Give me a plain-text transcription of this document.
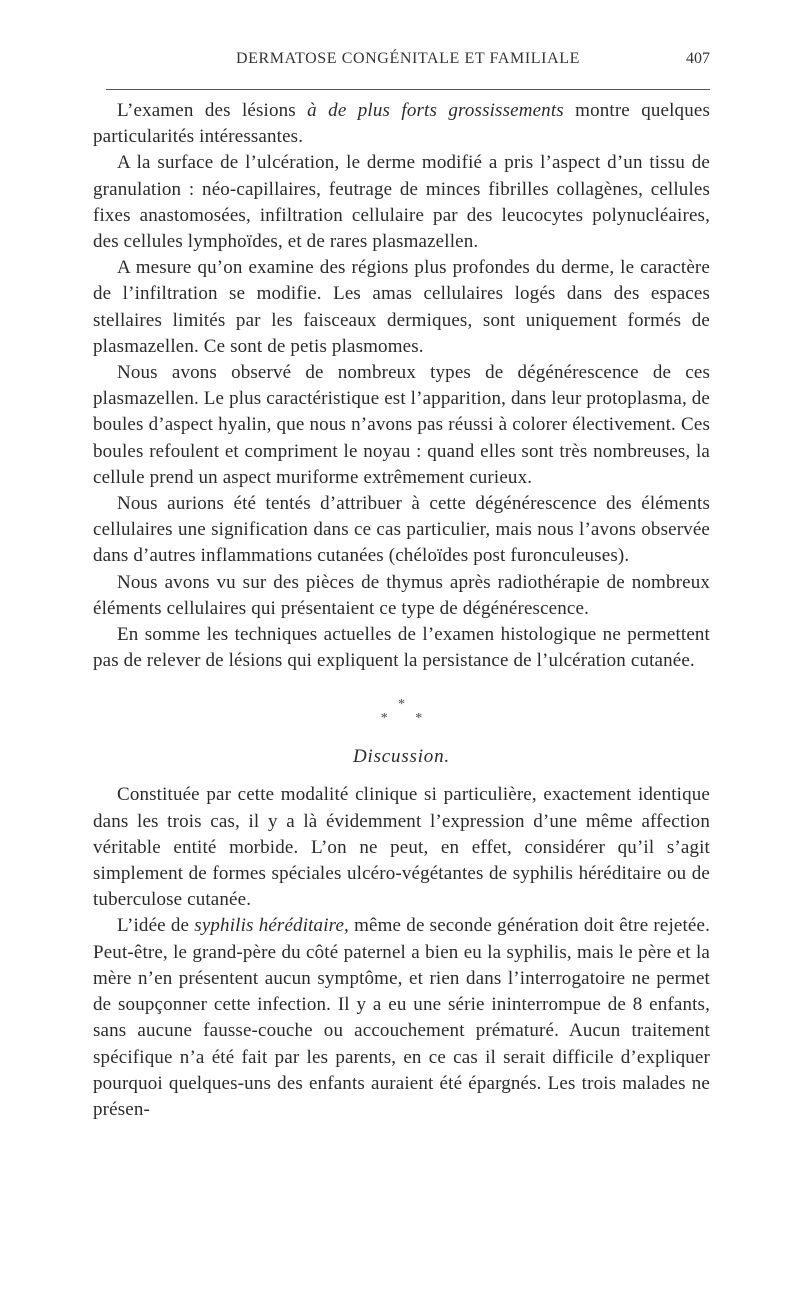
DERMATOSE CONGÉNITALE ET FAMILIALE	407

L’examen des lésions à de plus forts grossissements montre quelques particularités intéressantes.

A la surface de l’ulcération, le derme modifié a pris l’aspect d’un tissu de granulation : néo-capillaires, feutrage de minces fibrilles collagènes, cellules fixes anastomosées, infiltration cellulaire par des leucocytes polynucléaires, des cellules lymphoïdes, et de rares plasmazellen.

A mesure qu’on examine des régions plus profondes du derme, le caractère de l’infiltration se modifie. Les amas cellulaires logés dans des espaces stellaires limités par les faisceaux dermiques, sont uniquement formés de plasmazellen. Ce sont de petis plasmomes.

Nous avons observé de nombreux types de dégénérescence de ces plasmazellen. Le plus caractéristique est l’apparition, dans leur protoplasma, de boules d’aspect hyalin, que nous n’avons pas réussi à colorer électivement. Ces boules refoulent et compriment le noyau : quand elles sont très nombreuses, la cellule prend un aspect muriforme extrêmement curieux.

Nous aurions été tentés d’attribuer à cette dégénérescence des éléments cellulaires une signification dans ce cas particulier, mais nous l’avons observée dans d’autres inflammations cutanées (chéloïdes post furonculeuses).

Nous avons vu sur des pièces de thymus après radiothérapie de nombreux éléments cellulaires qui présentaient ce type de dégénérescence.

En somme les techniques actuelles de l’examen histologique ne permettent pas de relever de lésions qui expliquent la persistance de l’ulcération cutanée.

*
* *
Discussion.

Constituée par cette modalité clinique si particulière, exactement identique dans les trois cas, il y a là évidemment l’expression d’une même affection véritable entité morbide. L’on ne peut, en effet, considérer qu’il s’agit simplement de formes spéciales ulcéro-végétantes de syphilis héréditaire ou de tuberculose cutanée.

L’idée de syphilis héréditaire, même de seconde génération doit être rejetée. Peut-être, le grand-père du côté paternel a bien eu la syphilis, mais le père et la mère n’en présentent aucun symptôme, et rien dans l’interrogatoire ne permet de soupçonner cette infection. Il y a eu une série ininterrompue de 8 enfants, sans aucune fausse-couche ou accouchement prématuré. Aucun traitement spécifique n’a été fait par les parents, en ce cas il serait difficile d’expliquer pourquoi quelques-uns des enfants auraient été épargnés. Les trois malades ne présen-
